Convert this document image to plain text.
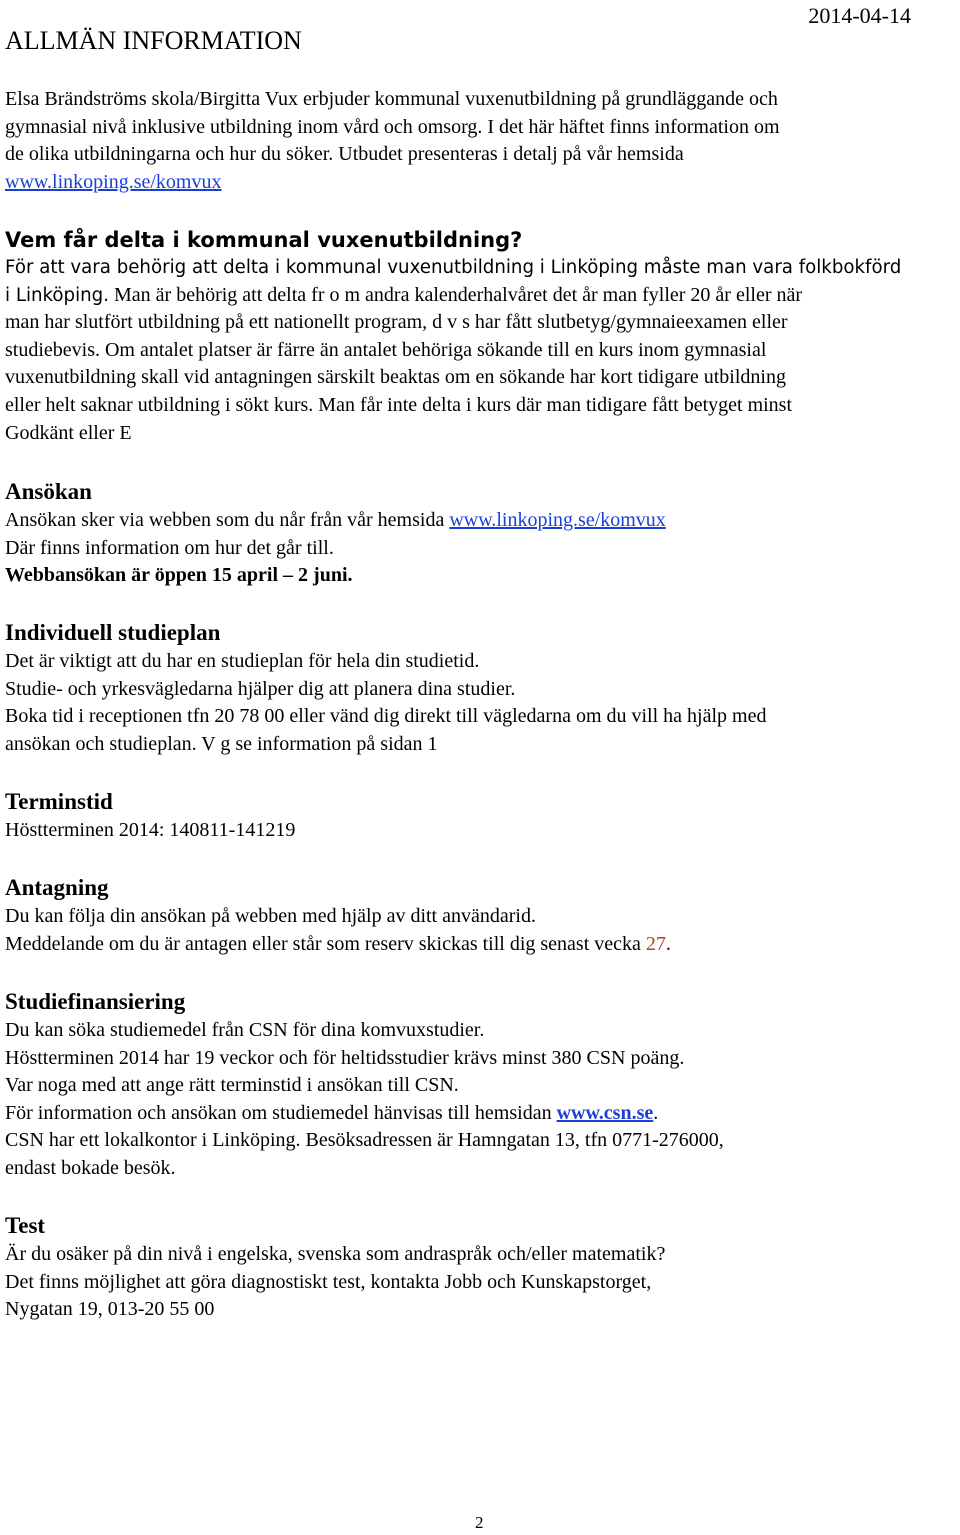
ALLMÄN INFORMATION
2014-04-14
Elsa Brändströms skola/Birgitta Vux erbjuder kommunal vuxenutbildning på grundläggande och
gymnasial nivå inklusive utbildning inom vård och omsorg. I det här häftet finns information om
de olika utbildningarna och hur du söker. Utbudet presenteras i detalj på vår hemsida
www.linkoping.se/komvux
Vem får delta i kommunal vuxenutbildning?
För att vara behörig att delta i kommunal vuxenutbildning i Linköping måste man vara folkbokförd
i Linköping. Man är behörig att delta fr o m andra kalenderhalvåret det år man fyller 20 år eller när
man har slutfört utbildning på ett nationellt program, d v s har fått slutbetyg/gymnaieexamen eller
studiebevis. Om antalet platser är färre än antalet behöriga sökande till en kurs inom gymnasial
vuxenutbildning skall vid antagningen särskilt beaktas om en sökande har kort tidigare utbildning
eller helt saknar utbildning i sökt kurs. Man får inte delta i kurs där man tidigare fått betyget minst
Godkänt eller E
Ansökan
Ansökan sker via webben som du når från vår hemsida www.linkoping.se/komvux
Där finns information om hur det går till.
Webbansökan är öppen 15 april – 2 juni.
Individuell studieplan
Det är viktigt att du har en studieplan för hela din studietid.
Studie- och yrkesvägledarna hjälper dig att planera dina studier.
Boka tid i receptionen tfn 20 78 00 eller vänd dig direkt till vägledarna om du vill ha hjälp med
ansökan och studieplan. V g se information på sidan 1
Terminstid
Höstterminen 2014: 140811-141219
Antagning
Du kan följa din ansökan på webben med hjälp av ditt användarid.
Meddelande om du är antagen eller står som reserv skickas till dig senast vecka 27.
Studiefinansiering
Du kan söka studiemedel från CSN för dina komvuxstudier.
Höstterminen 2014 har 19 veckor och för heltidsstudier krävs minst 380 CSN poäng.
Var noga med att ange rätt terminstid i ansökan till CSN.
För information och ansökan om studiemedel hänvisas till hemsidan www.csn.se.
CSN har ett lokalkontor i Linköping. Besöksadressen är Hamngatan 13, tfn 0771-276000,
endast bokade besök.
Test
Är du osäker på din nivå i engelska, svenska som andraspråk och/eller matematik?
Det finns möjlighet att göra diagnostiskt test, kontakta Jobb och Kunskapstorget,
Nygatan 19, 013-20 55 00
2
